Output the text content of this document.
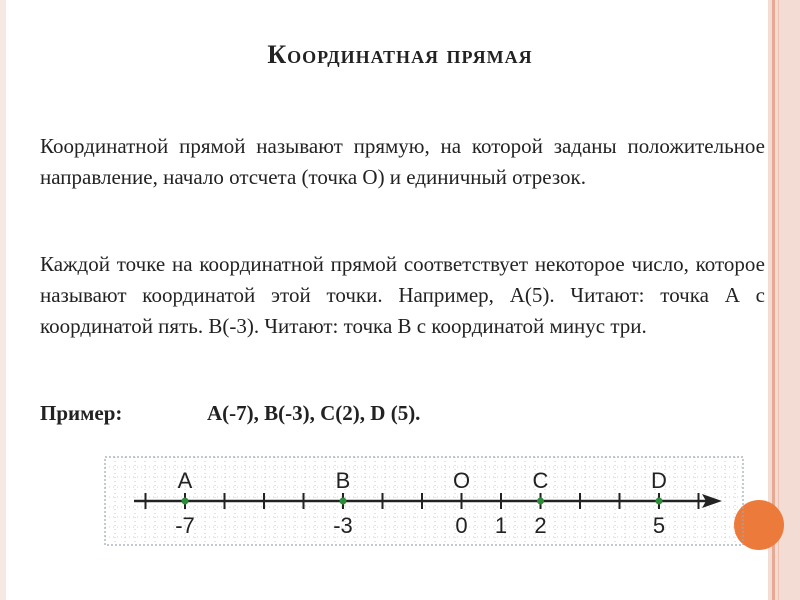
Координатная прямая
Координатной прямой называют прямую, на которой заданы положительное направление, начало отсчета (точка О) и единичный отрезок.
Каждой точке на координатной прямой соответствует некоторое число, которое называют координатой этой точки. Например, А(5). Читают: точка А с координатой пять. В(-3). Читают: точка В с координатой минус три.
Пример:	A(-7), B(-3), C(2), D (5).
A	B	O	C	D
-7	-3	0 1 2	5
